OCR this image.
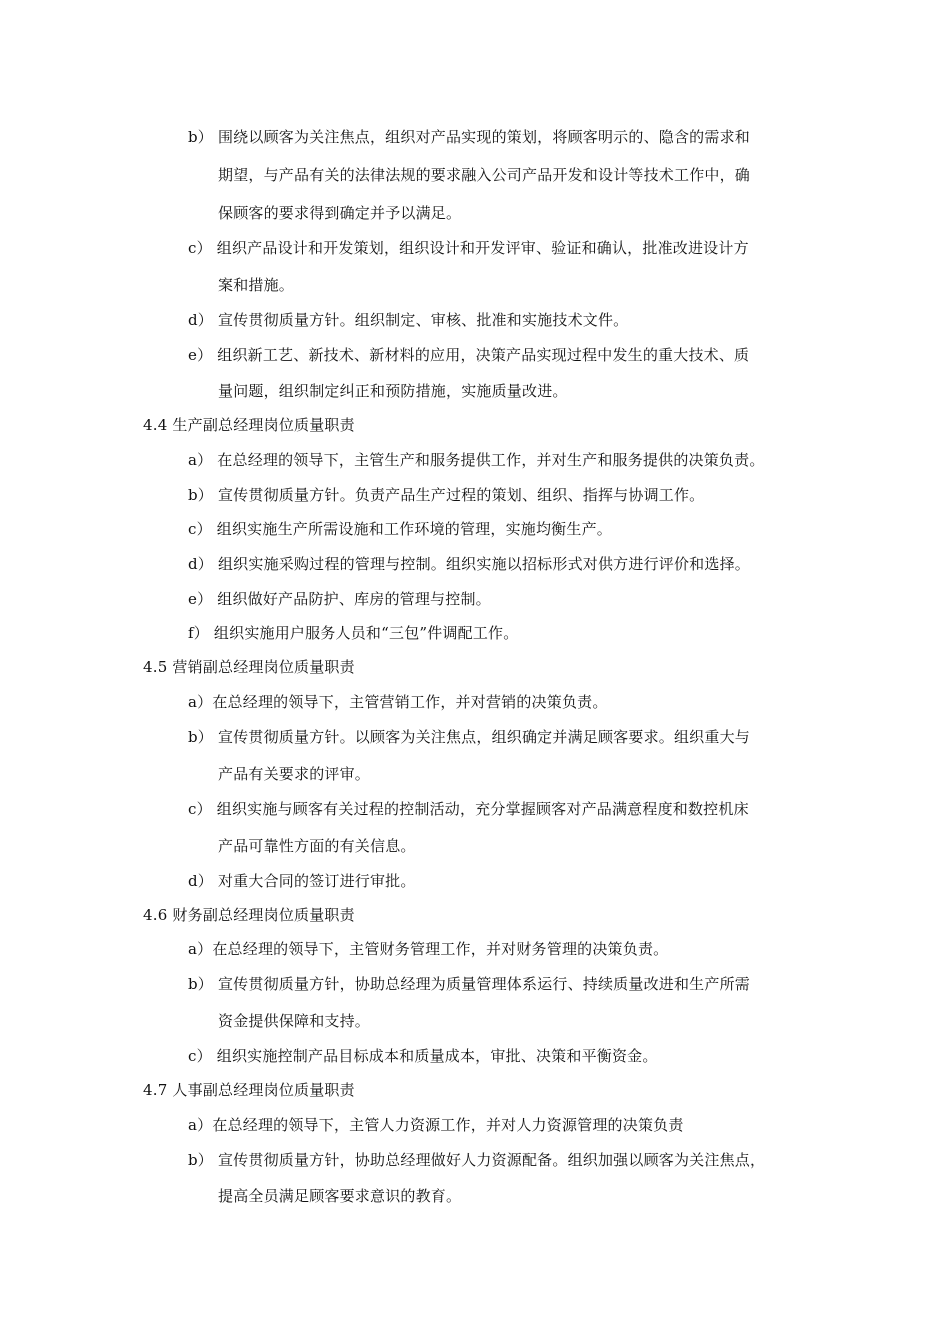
b） 围绕以顾客为关注焦点，组织对产品实现的策划，将顾客明示的、隐含的需求和
期望，与产品有关的法律法规的要求融入公司产品开发和设计等技术工作中，确
保顾客的要求得到确定并予以满足。
c） 组织产品设计和开发策划，组织设计和开发评审、验证和确认，批准改进设计方
案和措施。
d） 宣传贯彻质量方针。组织制定、审核、批准和实施技术文件。
e） 组织新工艺、新技术、新材料的应用，决策产品实现过程中发生的重大技术、质
量问题，组织制定纠正和预防措施，实施质量改进。
4.4 生产副总经理岗位质量职责
a） 在总经理的领导下，主管生产和服务提供工作，并对生产和服务提供的决策负责。
b） 宣传贯彻质量方针。负责产品生产过程的策划、组织、指挥与协调工作。
c） 组织实施生产所需设施和工作环境的管理，实施均衡生产。
d） 组织实施采购过程的管理与控制。组织实施以招标形式对供方进行评价和选择。
e） 组织做好产品防护、库房的管理与控制。
f） 组织实施用户服务人员和“三包”件调配工作。
4.5 营销副总经理岗位质量职责
a）在总经理的领导下，主管营销工作，并对营销的决策负责。
b） 宣传贯彻质量方针。以顾客为关注焦点，组织确定并满足顾客要求。组织重大与
产品有关要求的评审。
c） 组织实施与顾客有关过程的控制活动，充分掌握顾客对产品满意程度和数控机床
产品可靠性方面的有关信息。
d） 对重大合同的签订进行审批。
4.6 财务副总经理岗位质量职责
a）在总经理的领导下，主管财务管理工作，并对财务管理的决策负责。
b） 宣传贯彻质量方针，协助总经理为质量管理体系运行、持续质量改进和生产所需
资金提供保障和支持。
c） 组织实施控制产品目标成本和质量成本，审批、决策和平衡资金。
4.7 人事副总经理岗位质量职责
a）在总经理的领导下，主管人力资源工作，并对人力资源管理的决策负责
b） 宣传贯彻质量方针，协助总经理做好人力资源配备。组织加强以顾客为关注焦点，
提高全员满足顾客要求意识的教育。
